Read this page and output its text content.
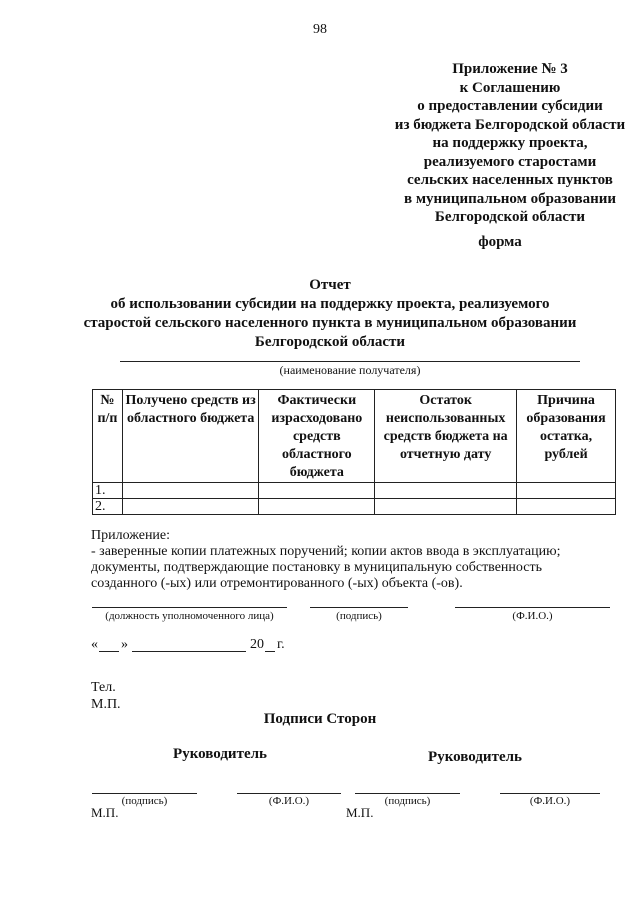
98
Приложение № 3
к Соглашению
о предоставлении субсидии
из бюджета Белгородской области
на поддержку проекта,
реализуемого старостами
сельских населенных пунктов
в муниципальном образовании
Белгородской области
форма
Отчет
об использовании субсидии на поддержку проекта, реализуемого
старостой сельского населенного пункта в муниципальном образовании
Белгородской области
(наименование получателя)
№ п/п	Получено средств из областного бюджета	Фактически израсходовано средств областного бюджета	Остаток неиспользованных средств бюджета на отчетную дату	Причина образования остатка, рублей
1.				
2.				
Приложение:
- заверенные копии платежных поручений; копии актов ввода в эксплуатацию;
документы, подтверждающие постановку в муниципальную собственность
созданного (-ых) или отремонтированного (-ых) объекта (-ов).
(должность уполномоченного лица)	(подпись)	(Ф.И.О.)
« »	20 г.
Тел.
М.П.
Подписи Сторон
Руководитель	Руководитель
(подпись)	(Ф.И.О.)	(подпись)	(Ф.И.О.)
М.П.	М.П.
